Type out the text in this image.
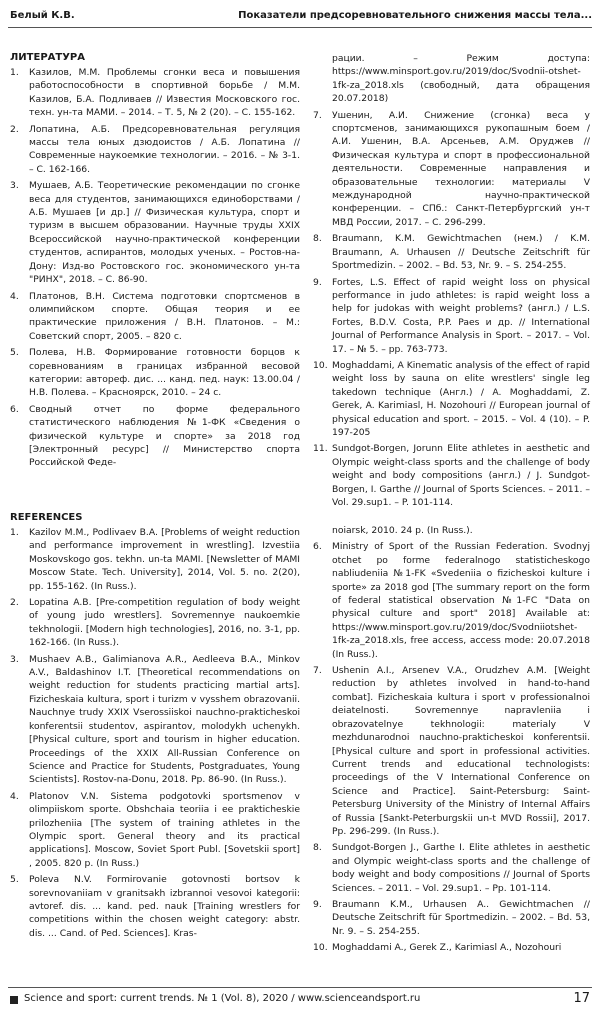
Белый К.В.	Показатели предсоревновательного снижения массы тела...
ЛИТЕРАТУРА
1.	Казилов, М.М. Проблемы сгонки веса и повышения работоспособности в спортивной борьбе / М.М. Казилов, Б.А. Подливаев // Известия Московского гос. техн. ун-та МАМИ. – 2014. – Т. 5, № 2 (20). – С. 155-162.
2.	Лопатина, А.Б. Предсоревновательная регуляция массы тела юных дзюдоистов / А.Б. Лопатина // Современные наукоемкие технологии. – 2016. – № 3-1. – С. 162-166.
3.	Мушаев, А.Б. Теоретические рекомендации по сгонке веса для студентов, занимающихся единоборствами / А.Б. Мушаев [и др.] // Физическая культура, спорт и туризм в высшем образовании. Научные труды XXIX Всероссийской научно-практической конференции студентов, аспирантов, молодых ученых. – Ростов-на-Дону: Изд-во Ростовского гос. экономического ун-та "РИНХ", 2018. – С. 86-90.
4.	Платонов, В.Н. Система подготовки спортсменов в олимпийском спорте. Общая теория и ее практические приложения / В.Н. Платонов. – М.: Советский спорт, 2005. – 820 с.
5.	Полева, Н.В. Формирование готовности борцов к соревнованиям в границах избранной весовой категории: автореф. дис. ... канд. пед. наук: 13.00.04 / Н.В. Полева. – Красноярск, 2010. – 24 с.
6.	Сводный отчет по форме федерального статистического наблюдения №1-ФК «Сведения о физической культуре и спорте» за 2018 год [Электронный ресурс] // Министерство спорта Российской Феде-
рации. – Режим доступа: https://www.minsport.gov.ru/2019/doc/Svodnii-otshet-1fk-za_2018.xls (свободный, дата обращения 20.07.2018)
7.	Ушенин, А.И. Снижение (сгонка) веса у спортсменов, занимающихся рукопашным боем / А.И. Ушенин, В.А. Арсеньев, А.М. Оруджев // Физическая культура и спорт в профессиональной деятельности. Современные направления и образовательные технологии: материалы V международной научно-практической конференции. – СПб.: Санкт-Петербургский ун-т МВД России, 2017. – С. 296-299.
8.	Braumann, K.M. Gewichtmachen (нем.) / K.M. Braumann, A. Urhausen // Deutsche Zeitschrift für Sportmedizin. – 2002. – Bd. 53, Nr. 9. – S. 254-255.
9.	Fortes, L.S. Effect of rapid weight loss on physical performance in judo athletes: is rapid weight loss a help for judokas with weight problems? (англ.) / L.S. Fortes, B.D.V. Costa, P.P. Paes и др. // International Journal of Performance Analysis in Sport. – 2017. – Vol. 17. – № 5. – pp. 763-773.
10. Moghaddami, A Kinematic analysis of the effect of rapid weight loss by sauna on elite wrestlers' single leg takedown technique (Англ.) / A. Moghaddami, Z. Gerek, A. Karimiasl, H. Nozohouri // European journal of physical education and sport. – 2015. – Vol. 4 (10). – P. 197-205
11. Sundgot-Borgen, Jorunn Elite athletes in aesthetic and Olympic weight-class sports and the challenge of body weight and body compositions (англ.) / J. Sundgot-Borgen, I. Garthe // Journal of Sports Sciences. – 2011. – Vol. 29.sup1. – P. 101-114.
REFERENCES
1.	Kazilov M.M., Podlivaev B.A. [Problems of weight reduction and performance improvement in wrestling]. Izvestiia Moskovskogo gos. tekhn. un-ta MAMI. [Newsletter of MAMI Moscow State. Tech. University], 2014, Vol. 5. no. 2(20), pp. 155-162. (In Russ.).
2.	Lopatina A.B. [Pre-competition regulation of body weight of young judo wrestlers]. Sovremennye naukoemkie tekhnologii. [Modern high technologies], 2016, no. 3-1, pp. 162-166. (In Russ.).
3.	Mushaev A.B., Galimianova A.R., Aedleeva B.A., Minkov A.V., Baldashinov I.T. [Theoretical recommendations on weight reduction for students practicing martial arts]. Fizicheskaia kultura, sport i turizm v vysshem obrazovanii. Nauchnye trudy XXIX Vserossiiskoi nauchno-prakticheskoi konferentsii studentov, aspirantov, molodykh uchenykh. [Physical culture, sport and tourism in higher education. Proceedings of the XXIX All-Russian Conference on Science and Practice for Students, Postgraduates, Young Scientists]. Rostov-na-Donu, 2018. Pp. 86-90. (In Russ.).
4.	Platonov V.N. Sistema podgotovki sportsmenov v olimpiiskom sporte. Obshchaia teoriia i ee prakticheskie prilozheniia [The system of training athletes in the Olympic sport. General theory and its practical applications]. Moscow, Soviet Sport Publ. [Sovetskii sport] , 2005. 820 p. (In Russ.)
5.	Poleva N.V. Formirovanie gotovnosti bortsov k sorevnovaniiam v granitsakh izbrannoi vesovoi kategorii: avtoref. dis. ... kand. ped. nauk [Training wrestlers for competitions within the chosen weight category: abstr. dis. ... Cand. of Ped. Sciences]. Kras-
noiarsk, 2010. 24 p. (In Russ.).
6.	Ministry of Sport of the Russian Federation. Svodnyj otchet po forme federalnogo statisticheskogo nabliudeniia №1-FK «Svedeniia o fizicheskoi kulture i sporte» za 2018 god [The summary report on the form of federal statistical observation №1-FC "Data on physical culture and sport" 2018] Available at: https://www.minsport.gov.ru/2019/doc/Svodniiotshet-1fk-za_2018.xls, free access, access mode: 20.07.2018 (In Russ.).
7.	Ushenin A.I., Arsenev V.A., Orudzhev A.M. [Weight reduction by athletes involved in hand-to-hand combat]. Fizicheskaia kultura i sport v professionalnoi deiatelnosti. Sovremennye napravleniia i obrazovatelnye tekhnologii: materialy V mezhdunarodnoi nauchno-prakticheskoi konferentsii. [Physical culture and sport in professional activities. Current trends and educational technologists: proceedings of the V International Conference on Science and Practice]. Saint-Petersburg: Saint-Petersburg University of the Ministry of Internal Affairs of Russia [Sankt-Peterburgskii un-t MVD Rossii], 2017. Pp. 296-299. (In Russ.).
8.	Sundgot-Borgen J., Garthe I. Elite athletes in aesthetic and Olympic weight-class sports and the challenge of body weight and body compositions // Journal of Sports Sciences. – 2011. – Vol. 29.sup1. – Pp. 101-114.
9.	Braumann K.M., Urhausen A.. Gewichtmachen // Deutsche Zeitschrift für Sportmedizin. – 2002. – Bd. 53, Nr. 9. – S. 254-255.
10. Moghaddami A., Gerek Z., Karimiasl A., Nozohouri
Science and sport: current trends. № 1 (Vol. 8), 2020 / www.scienceandsport.ru	17
